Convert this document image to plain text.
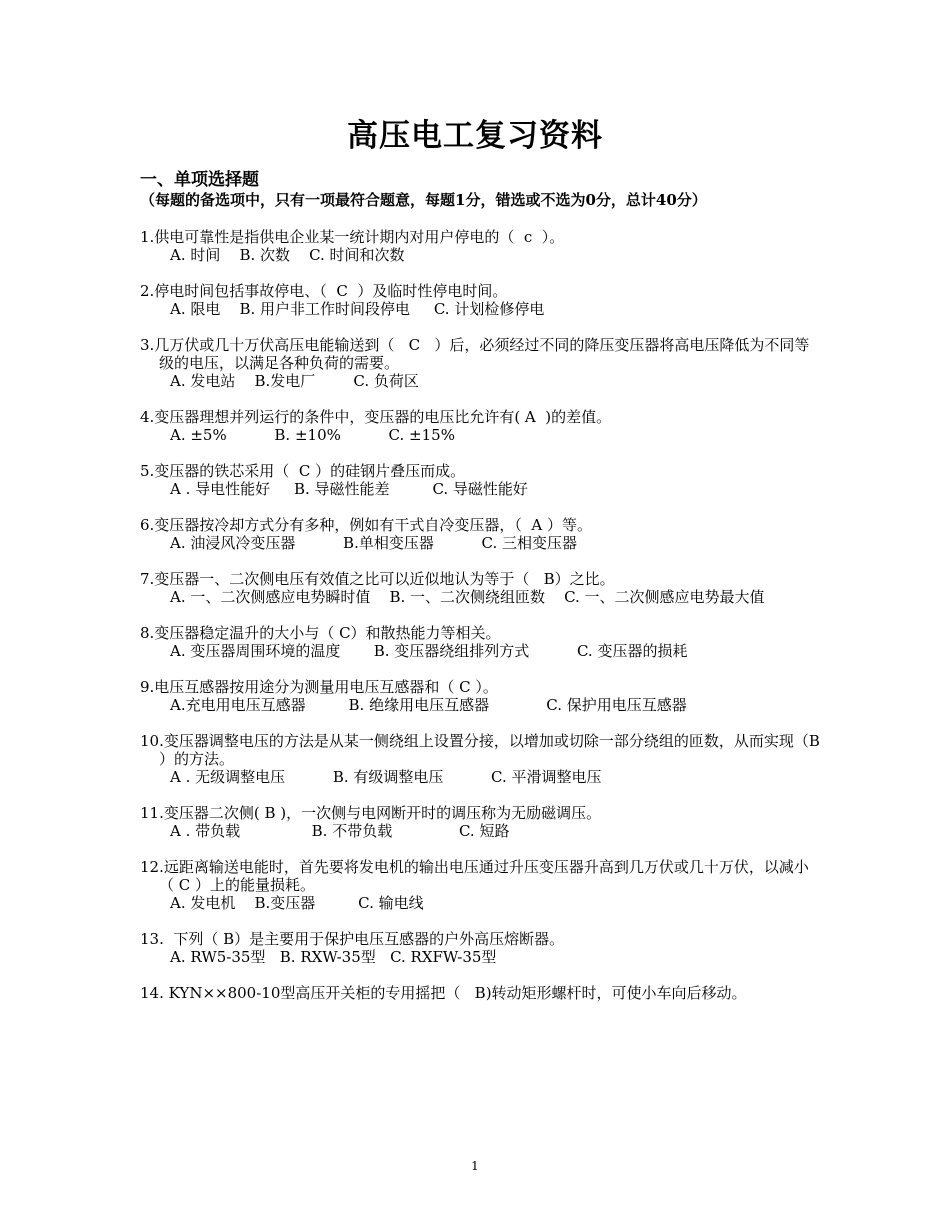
高压电工复习资料
一、单项选择题（每题的备选项中，只有一项最符合题意，每题1分，错选或不选为0分，总计40分）
1.供电可靠性是指供电企业某一统计期内对用户停电的（  c  ）。
A. 时间    B. 次数    C. 时间和次数
2.停电时间包括事故停电、（  C  ）及临时性停电时间。
A. 限电    B. 用户非工作时间段停电     C. 计划检修停电
3.几万伏或几十万伏高压电能输送到（   C   ）后，必须经过不同的降压变压器将高电压降低为不同等级的电压，以满足各种负荷的需要。
A. 发电站    B.发电厂        C. 负荷区
4.变压器理想并列运行的条件中，变压器的电压比允许有( A  )的差值。
A. ±5%          B. ±10%          C. ±15%
5.变压器的铁芯采用（  C ）的硅钢片叠压而成。
A . 导电性能好     B. 导磁性能差         C. 导磁性能好
6.变压器按冷却方式分有多种，例如有干式自冷变压器，（  A ）等。
A. 油浸风冷变压器          B.单相变压器          C. 三相变压器
7.变压器一、二次侧电压有效值之比可以近似地认为等于（   B）之比。
A. 一、二次侧感应电势瞬时值    B. 一、二次侧绕组匝数    C. 一、二次侧感应电势最大值
8.变压器稳定温升的大小与（ C）和散热能力等相关。
A. 变压器周围环境的温度       B. 变压器绕组排列方式          C. 变压器的损耗
9.电压互感器按用途分为测量用电压互感器和（ C ）。
A.充电用电压互感器         B. 绝缘用电压互感器            C. 保护用电压互感器
10.变压器调整电压的方法是从某一侧绕组上设置分接，以增加或切除一部分绕组的匝数，从而实现（B ）的方法。
A . 无级调整电压          B. 有级调整电压          C. 平滑调整电压
11.变压器二次侧( B )，一次侧与电网断开时的调压称为无励磁调压。
A . 带负载               B. 不带负载              C. 短路
12.远距离输送电能时，首先要将发电机的输出电压通过升压变压器升高到几万伏或几十万伏，以减小（ C ）上的能量损耗。
A. 发电机    B.变压器         C. 输电线
13.  下列（ B）是主要用于保护电压互感器的户外高压熔断器。
A. RW5-35型   B. RXW-35型   C. RXFW-35型
14. KYN××800-10型高压开关柜的专用摇把（   B)转动矩形螺杆时，可使小车向后移动。
1
